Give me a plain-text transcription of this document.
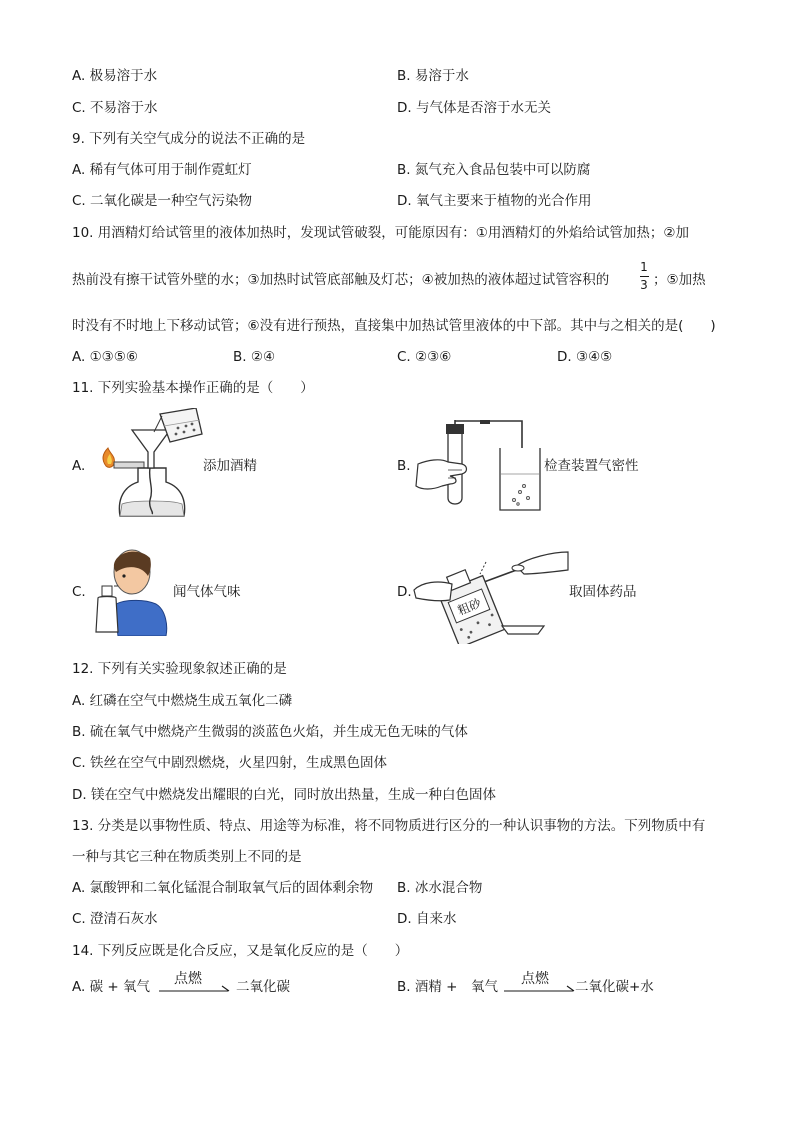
A. 极易溶于水	B. 易溶于水
C. 不易溶于水	D. 与气体是否溶于水无关
9. 下列有关空气成分的说法不正确的是
A. 稀有气体可用于制作霓虹灯	B. 氮气充入食品包装中可以防腐
C. 二氧化碳是一种空气污染物	D. 氧气主要来于植物的光合作用
10. 用酒精灯给试管里的液体加热时，发现试管破裂，可能原因有：①用酒精灯的外焰给试管加热；②加
热前没有擦干试管外壁的水；③加热时试管底部触及灯芯；④被加热的液体超过试管容积的
1
3 ；⑤加热
时没有不时地上下移动试管；⑥没有进行预热，直接集中加热试管里液体的中下部。其中与之相关的是(　　)
A. ①③⑤⑥	B. ②④	C. ②③⑥	D. ③④⑤
11. 下列实验基本操作正确的是（　　）
A.	添加酒精	B.	检查装置气密性
C.	闻气体气味	D.
粗砂
取固体药品
12. 下列有关实验现象叙述正确的是
A. 红磷在空气中燃烧生成五氧化二磷
B. 硫在氧气中燃烧产生微弱的淡蓝色火焰，并生成无色无味的气体
C. 铁丝在空气中剧烈燃烧，火星四射，生成黑色固体
D. 镁在空气中燃烧发出耀眼的白光，同时放出热量，生成一种白色固体
13. 分类是以事物性质、特点、用途等为标准，将不同物质进行区分的一种认识事物的方法。下列物质中有
一种与其它三种在物质类别上不同的是
A. 氯酸钾和二氧化锰混合制取氧气后的固体剩余物 B. 冰水混合物
C. 澄清石灰水	D. 自来水
14. 下列反应既是化合反应，又是氧化反应的是（　　）
A. 碳 + 氧气 点燃	二氧化碳	B. 酒精 +　氧气 点燃 二氧化碳+水
